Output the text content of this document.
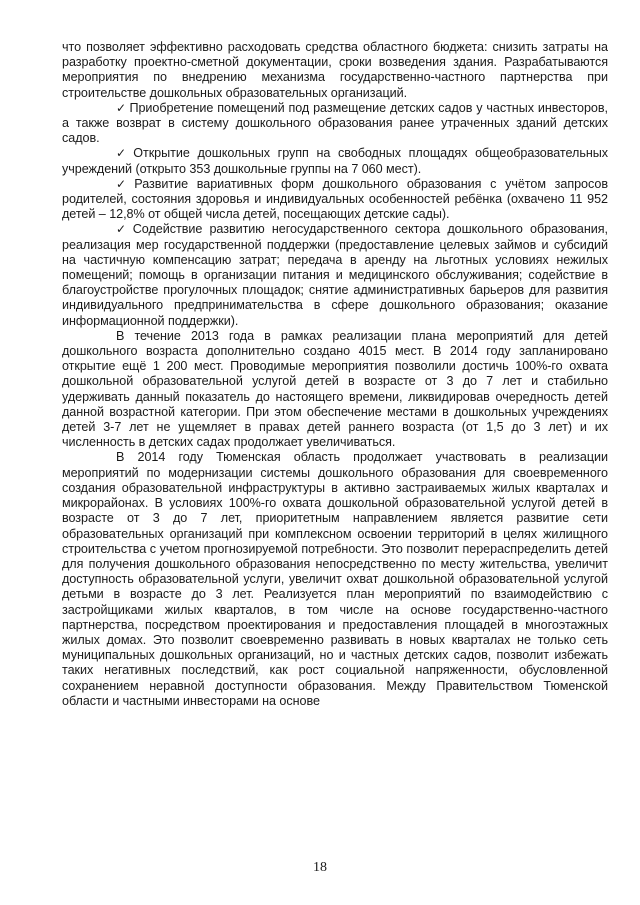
что позволяет эффективно расходовать средства областного бюджета: снизить затраты на разработку проектно-сметной документации, сроки возведения здания. Разрабатываются мероприятия по внедрению механизма государственно-частного партнерства при строительстве дошкольных образовательных организаций.

✓ Приобретение помещений под размещение детских садов у частных инвесторов, а также возврат в систему дошкольного образования ранее утраченных зданий детских садов.

✓ Открытие дошкольных групп на свободных площадях общеобразовательных учреждений (открыто 353 дошкольные группы на 7 060 мест).

✓ Развитие вариативных форм дошкольного образования с учётом запросов родителей, состояния здоровья и индивидуальных особенностей ребёнка (охвачено 11 952 детей – 12,8% от общей числа детей, посещающих детские сады).

✓ Содействие развитию негосударственного сектора дошкольного образования, реализация мер государственной поддержки (предоставление целевых займов и субсидий на частичную компенсацию затрат; передача в аренду на льготных условиях нежилых помещений; помощь в организации питания и медицинского обслуживания; содействие в благоустройстве прогулочных площадок; снятие административных барьеров для развития индивидуального предпринимательства в сфере дошкольного образования; оказание информационной поддержки).

В течение 2013 года в рамках реализации плана мероприятий для детей дошкольного возраста дополнительно создано 4015 мест. В 2014 году запланировано открытие ещё 1 200 мест. Проводимые мероприятия позволили достичь 100%-го охвата дошкольной образовательной услугой детей в возрасте от 3 до 7 лет и стабильно удерживать данный показатель до настоящего времени, ликвидировав очередность детей данной возрастной категории. При этом обеспечение местами в дошкольных учреждениях детей 3-7 лет не ущемляет в правах детей раннего возраста (от 1,5 до 3 лет) и их численность в детских садах продолжает увеличиваться.

В 2014 году Тюменская область продолжает участвовать в реализации мероприятий по модернизации системы дошкольного образования для своевременного создания образовательной инфраструктуры в активно застраиваемых жилых кварталах и микрорайонах. В условиях 100%-го охвата дошкольной образовательной услугой детей в возрасте от 3 до 7 лет, приоритетным направлением является развитие сети образовательных организаций при комплексном освоении территорий в целях жилищного строительства с учетом прогнозируемой потребности. Это позволит перераспределить детей для получения дошкольного образования непосредственно по месту жительства, увеличит доступность образовательной услуги, увеличит охват дошкольной образовательной услугой детьми в возрасте до 3 лет. Реализуется план мероприятий по взаимодействию с застройщиками жилых кварталов, в том числе на основе государственно-частного партнерства, посредством проектирования и предоставления площадей в многоэтажных жилых домах. Это позволит своевременно развивать в новых кварталах не только сеть муниципальных дошкольных организаций, но и частных детских садов, позволит избежать таких негативных последствий, как рост социальной напряженности, обусловленной сохранением неравной доступности образования. Между Правительством Тюменской области и частными инвесторами на основе

18
